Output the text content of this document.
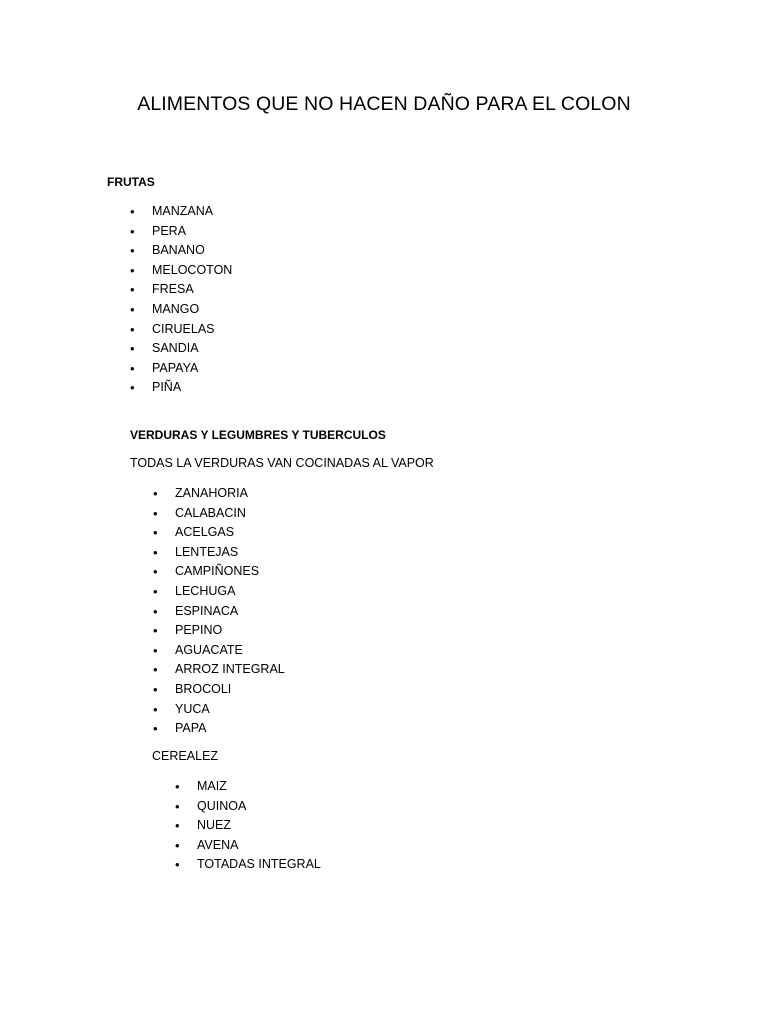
ALIMENTOS QUE NO HACEN DAÑO PARA EL COLON
FRUTAS
• MANZANA
• PERA
• BANANO
• MELOCOTON
• FRESA
• MANGO
• CIRUELAS
• SANDIA
• PAPAYA
• PIÑA
VERDURAS Y LEGUMBRES Y TUBERCULOS
TODAS LA VERDURAS VAN COCINADAS AL VAPOR
• ZANAHORIA
• CALABACIN
• ACELGAS
• LENTEJAS
• CAMPIÑONES
• LECHUGA
• ESPINACA
• PEPINO
• AGUACATE
• ARROZ INTEGRAL
• BROCOLI
• YUCA
• PAPA
CEREALEZ
• MAIZ
• QUINOA
• NUEZ
• AVENA
• TOTADAS INTEGRAL
